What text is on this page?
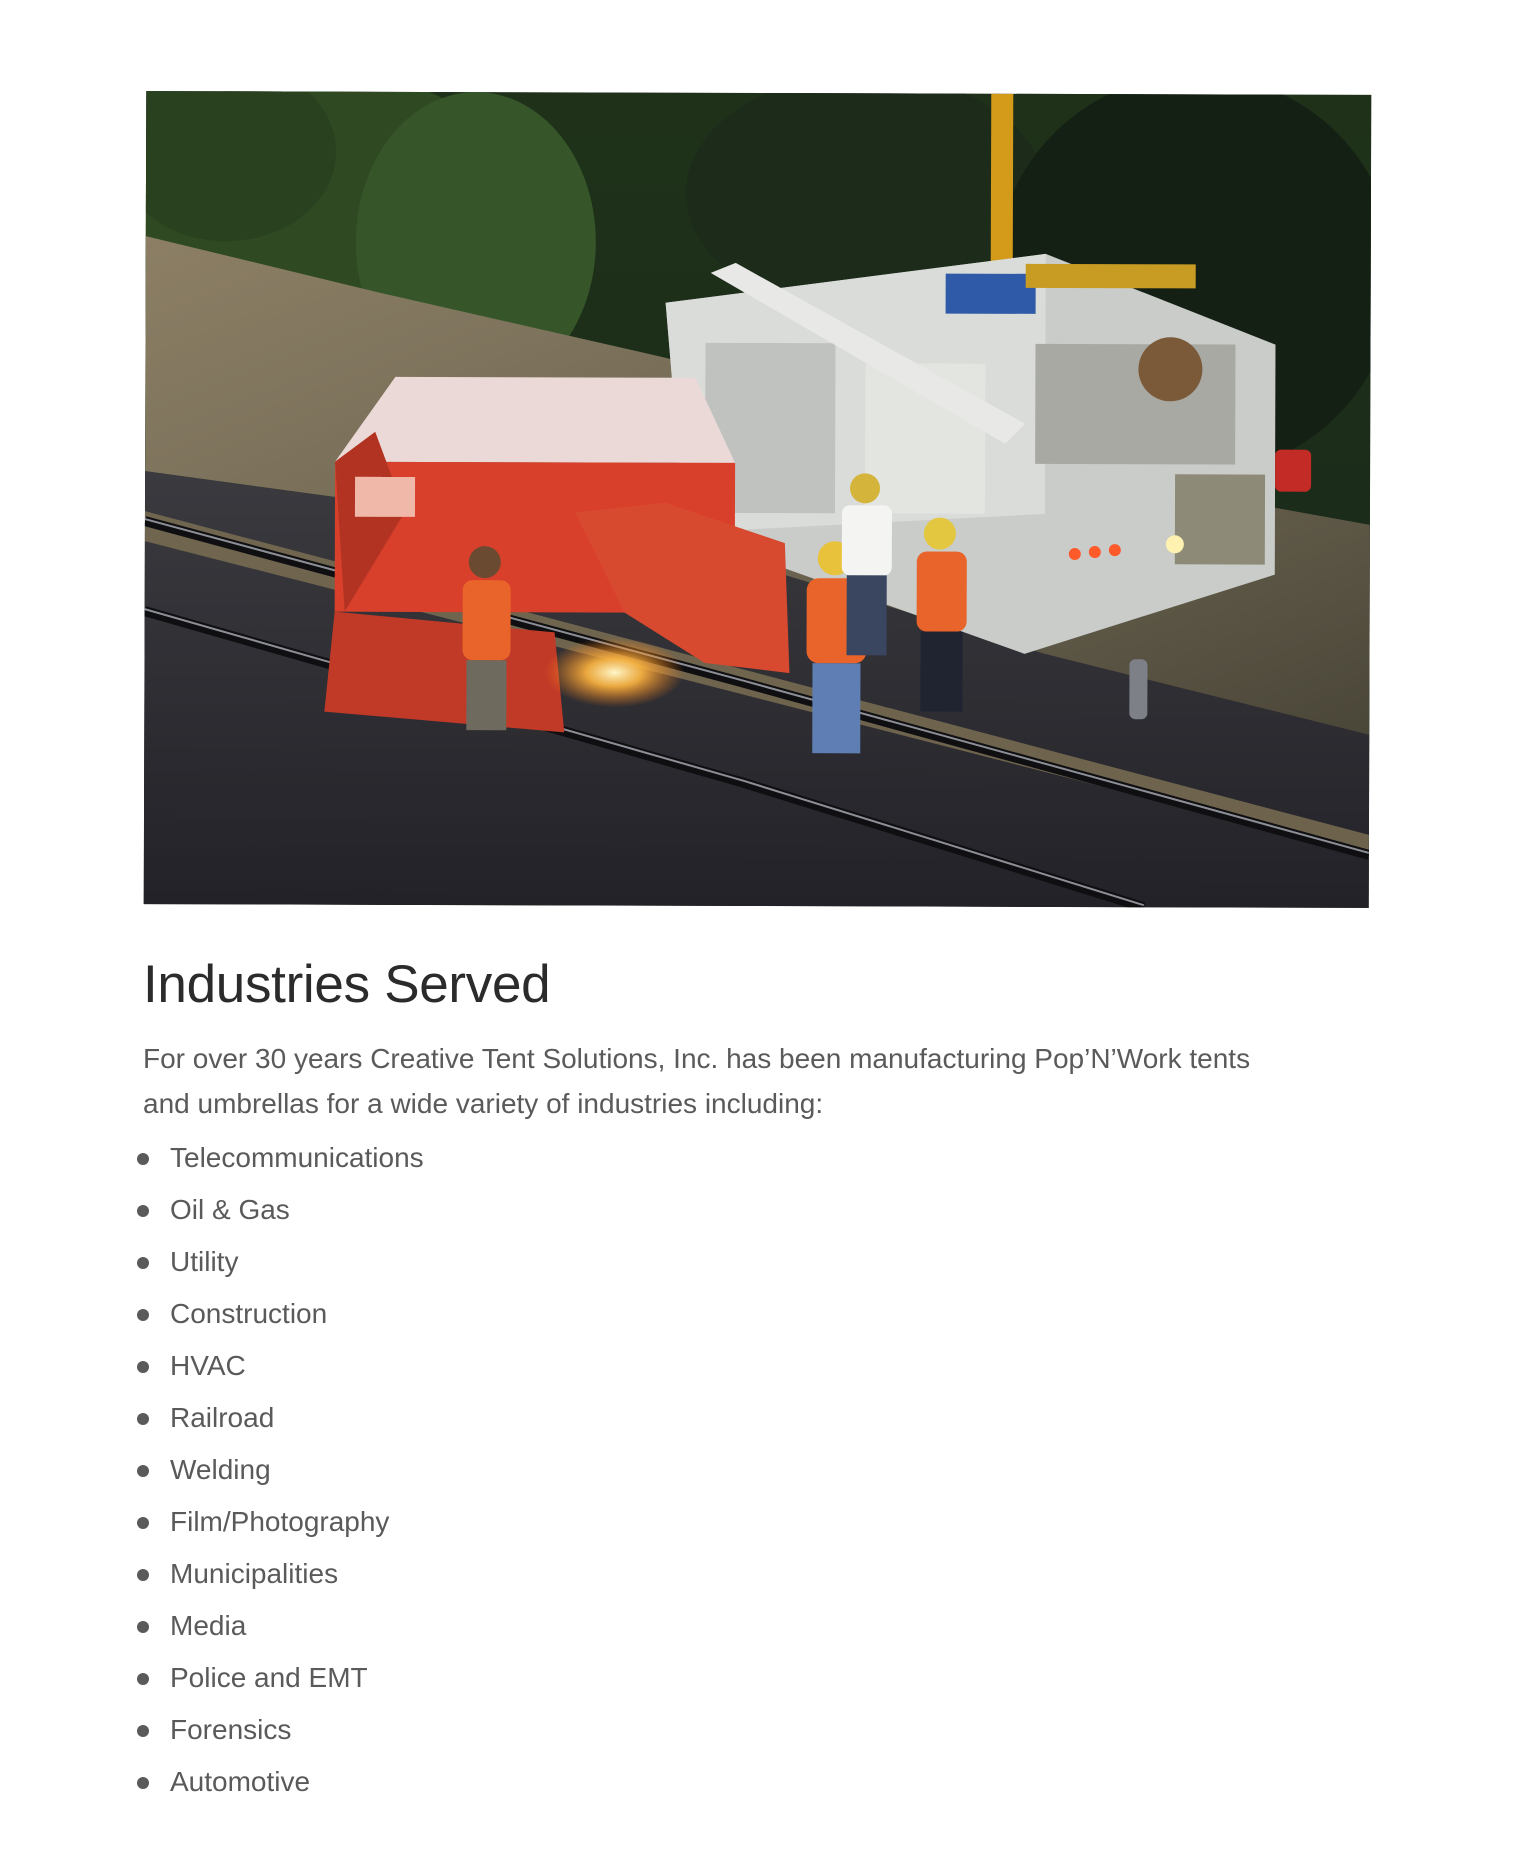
Industries Served

For over 30 years Creative Tent Solutions, Inc. has been manufacturing Pop’N’Work tents and umbrellas for a wide variety of industries including:

Telecommunications
Oil & Gas
Utility
Construction
HVAC
Railroad
Welding
Film/Photography
Municipalities
Media
Police and EMT
Forensics
Automotive
